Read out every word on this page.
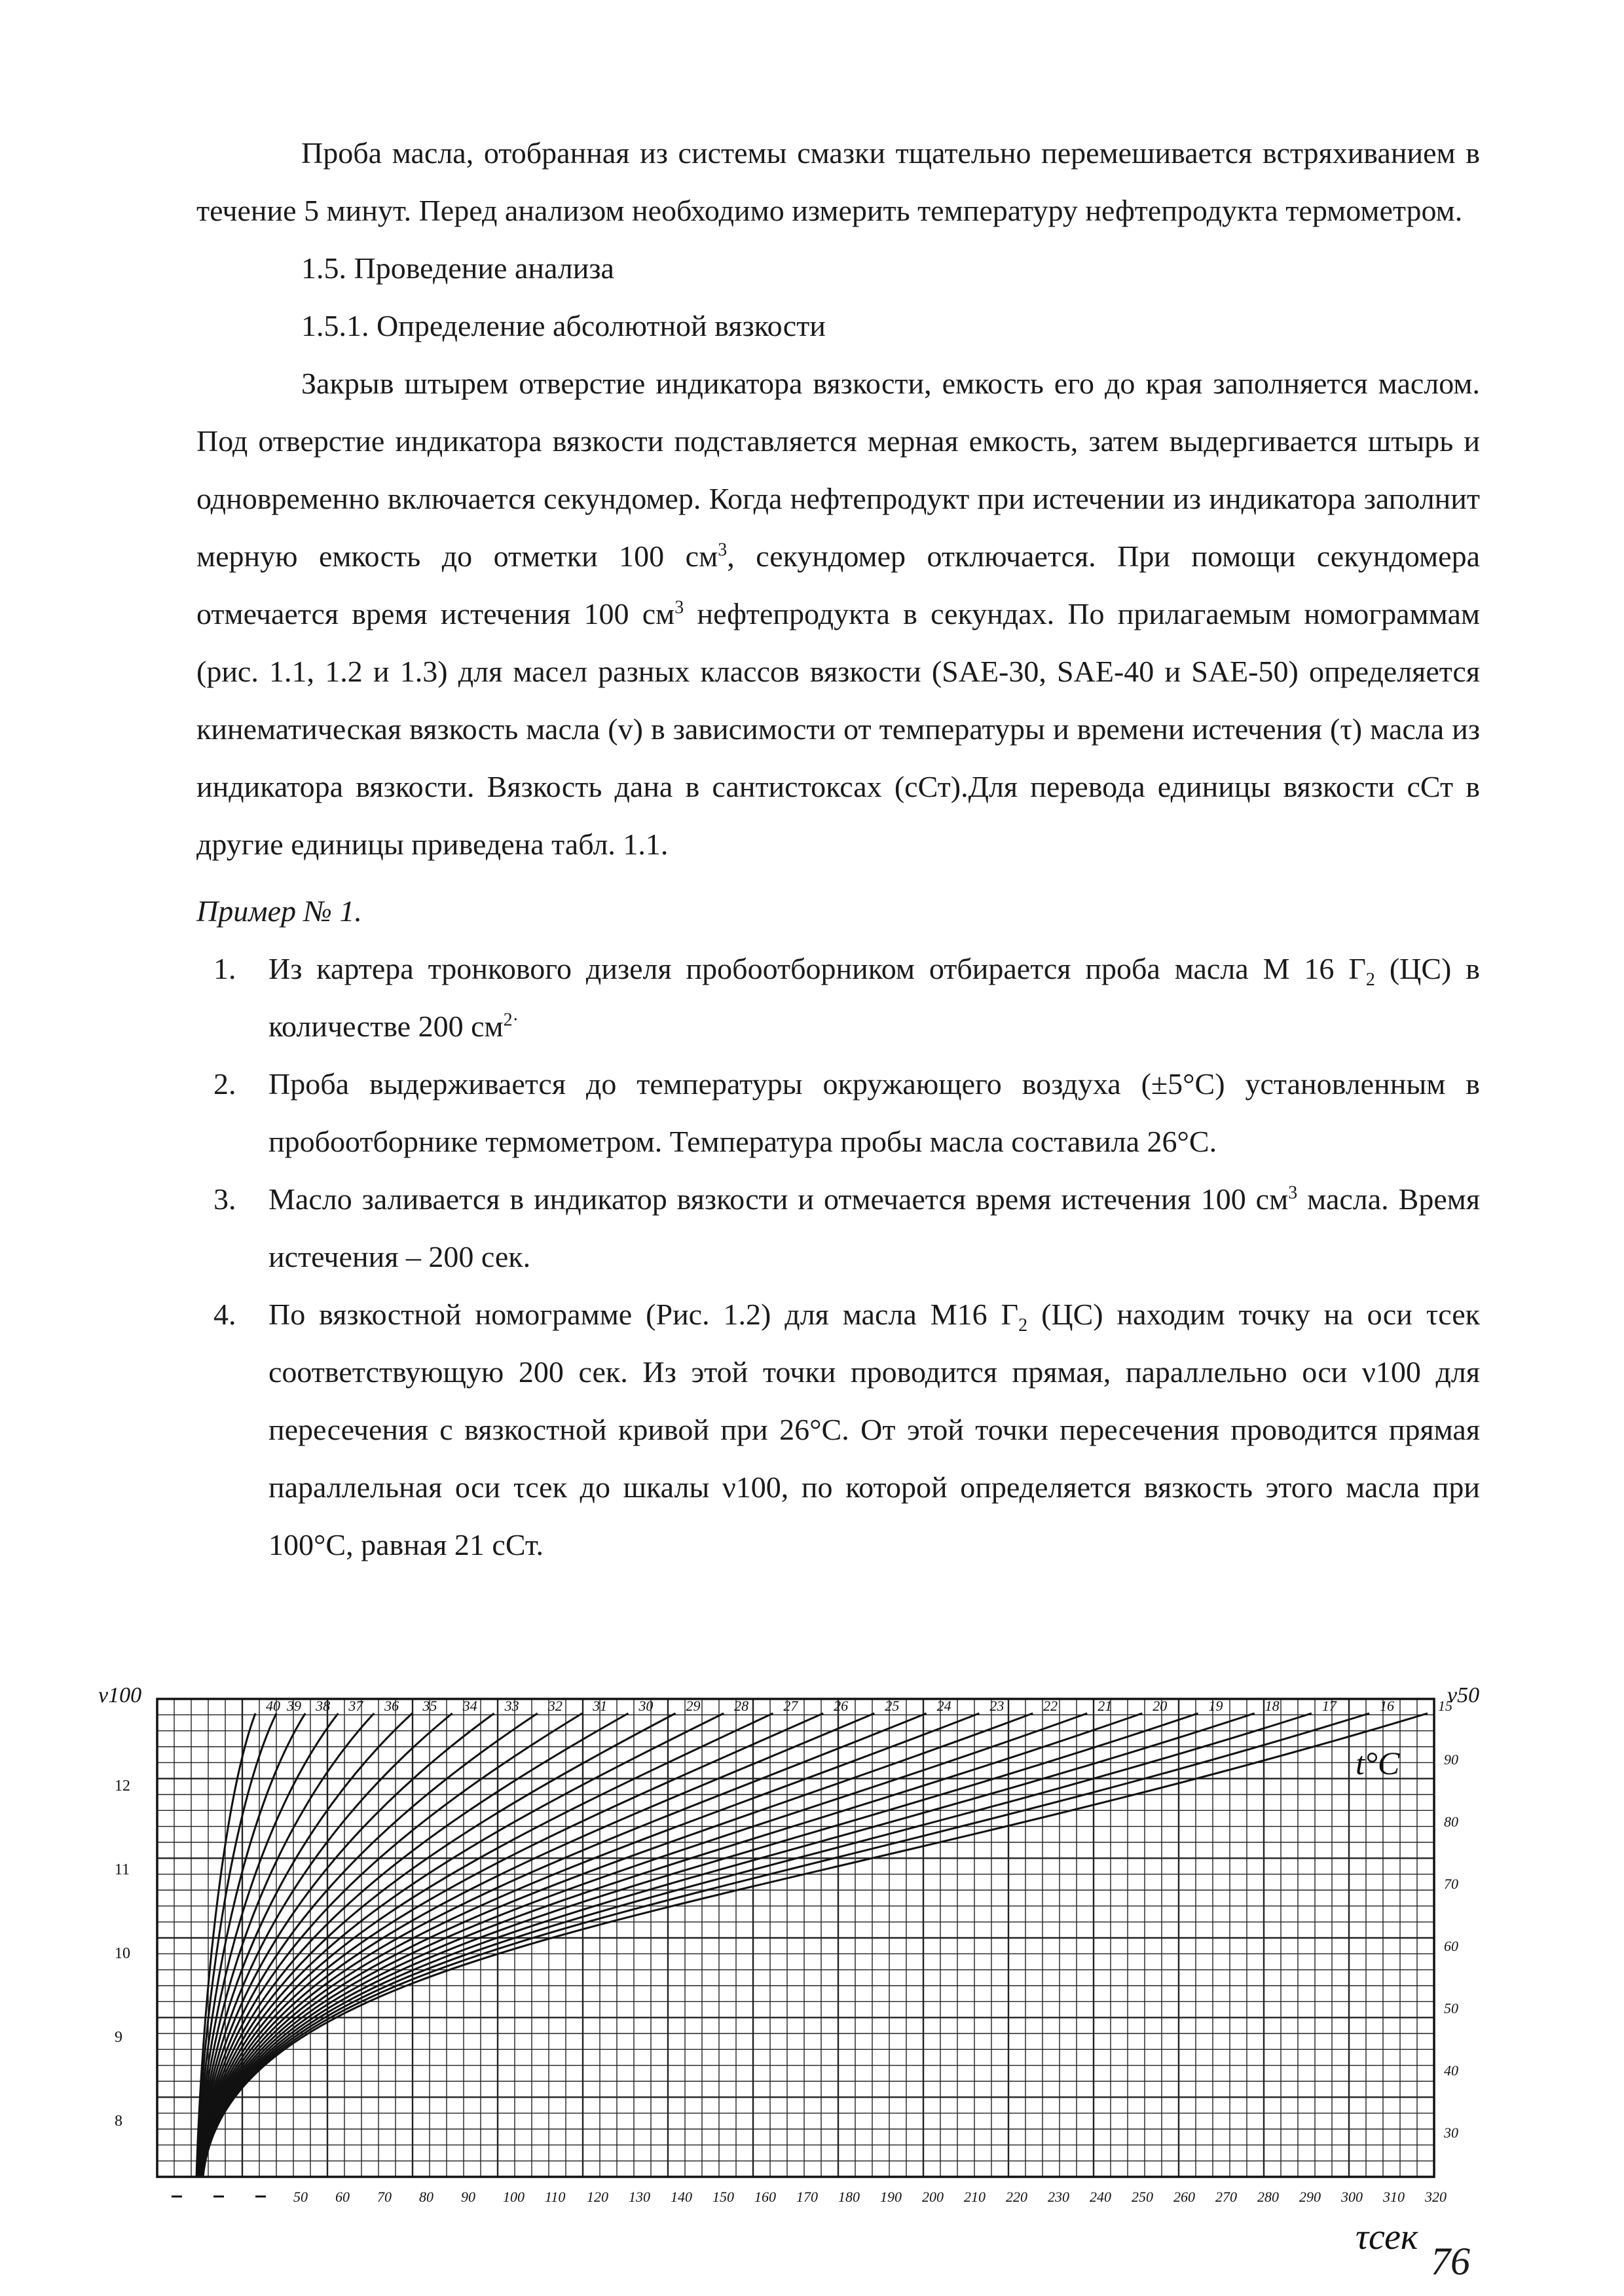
Проба масла, отобранная из системы смазки тщательно перемешивается встряхиванием в течение 5 минут. Перед анализом необходимо измерить температуру нефтепродукта термометром.

1.5. Проведение анализа

1.5.1. Определение абсолютной вязкости

Закрыв штырем отверстие индикатора вязкости, емкость его до края заполняется маслом. Под отверстие индикатора вязкости подставляется мерная емкость, затем выдергивается штырь и одновременно включается секундомер. Когда нефтепродукт при истечении из индикатора заполнит мерную емкость до отметки 100 $см^3$, секундомер отключается. При помощи секундомера отмечается время истечения 100 $см^3$ нефтепродукта в секундах. По прилагаемым номограммам (рис. 1.1, 1.2 и 1.3) для масел разных классов вязкости (SAE-30, SAE-40 и SAE-50) определяется кинематическая вязкость масла (v) в зависимости от температуры и времени истечения (τ) масла из индикатора вязкости. Вязкость дана в сантистоксах (сСт).Для перевода единицы вязкости сСт в другие единицы приведена табл. 1.1.

Пример № 1.

1. Из картера тронкового дизеля пробоотборником отбирается проба масла М 16 $Г_2$ (ЦС) в количестве 200 $см^{2\cdot}$
2. Проба выдерживается до температуры окружающего воздуха (±5°С) установленным в пробоотборнике термометром. Температура пробы масла составила 26°С.
3. Масло заливается в индикатор вязкости и отмечается время истечения 100 $см^3$ масла. Время истечения – 200 сек.
4. По вязкостной номограмме (Рис. 1.2) для масла М16 $Г_2$ (ЦС) находим точку на оси τсек соответствующую 200 сек. Из этой точки проводится прямая, параллельно оси ν100 для пересечения с вязкостной кривой при 26°С. От этой точки пересечения проводится прямая параллельная оси τсек до шкалы ν100, по которой определяется вязкость этого масла при 100°С, равная 21 сСт.
40 39 38 37 36 35 34 33 32 31 30 29 28 27 26	25	24	23	22	21	20	19	18	17	16	15
t°C
ν100	ν50
τсек
12
11
10
9
8
90
80
70
60
50
40
30
50 60 70 80 90 100 110 120 130 140 150 160 170 180 190 200 210 220 230 240 250 260 270 280 290 300 310 320
76
